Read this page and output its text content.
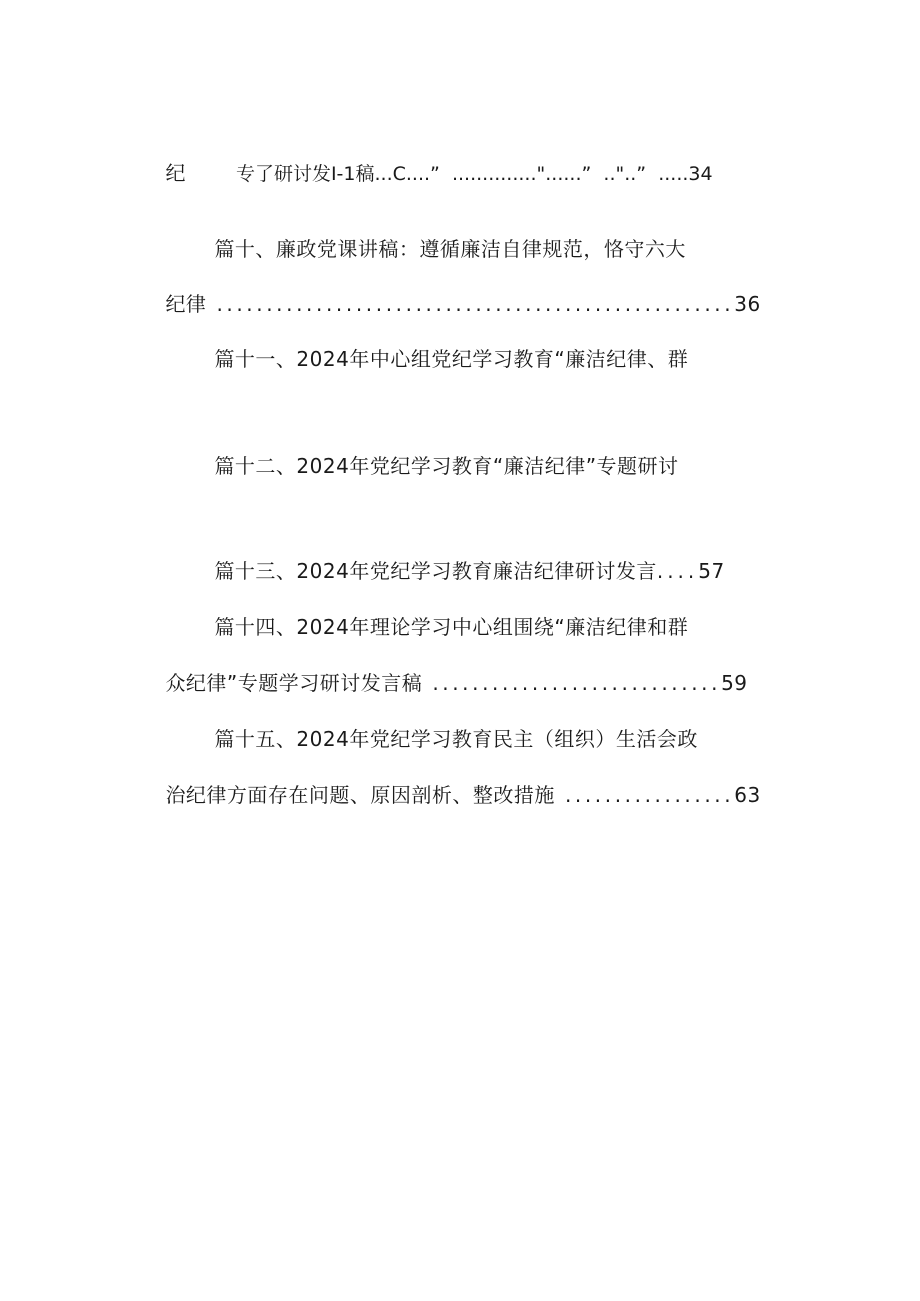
纪	专了研讨发I-1稿...C....”  .............."......”  .."..”  .....34

篇十、廉政党课讲稿：遵循廉洁自律规范，恪守六大

纪律 ....................................................36

篇十一、2024年中心组党纪学习教育“廉洁纪律、群

篇十二、2024年党纪学习教育“廉洁纪律”专题研讨

篇十三、2024年党纪学习教育廉洁纪律研讨发言....57

篇十四、2024年理论学习中心组围绕“廉洁纪律和群

众纪律”专题学习研讨发言稿 .............................59

篇十五、2024年党纪学习教育民主（组织）生活会政

治纪律方面存在问题、原因剖析、整改措施 .................63
